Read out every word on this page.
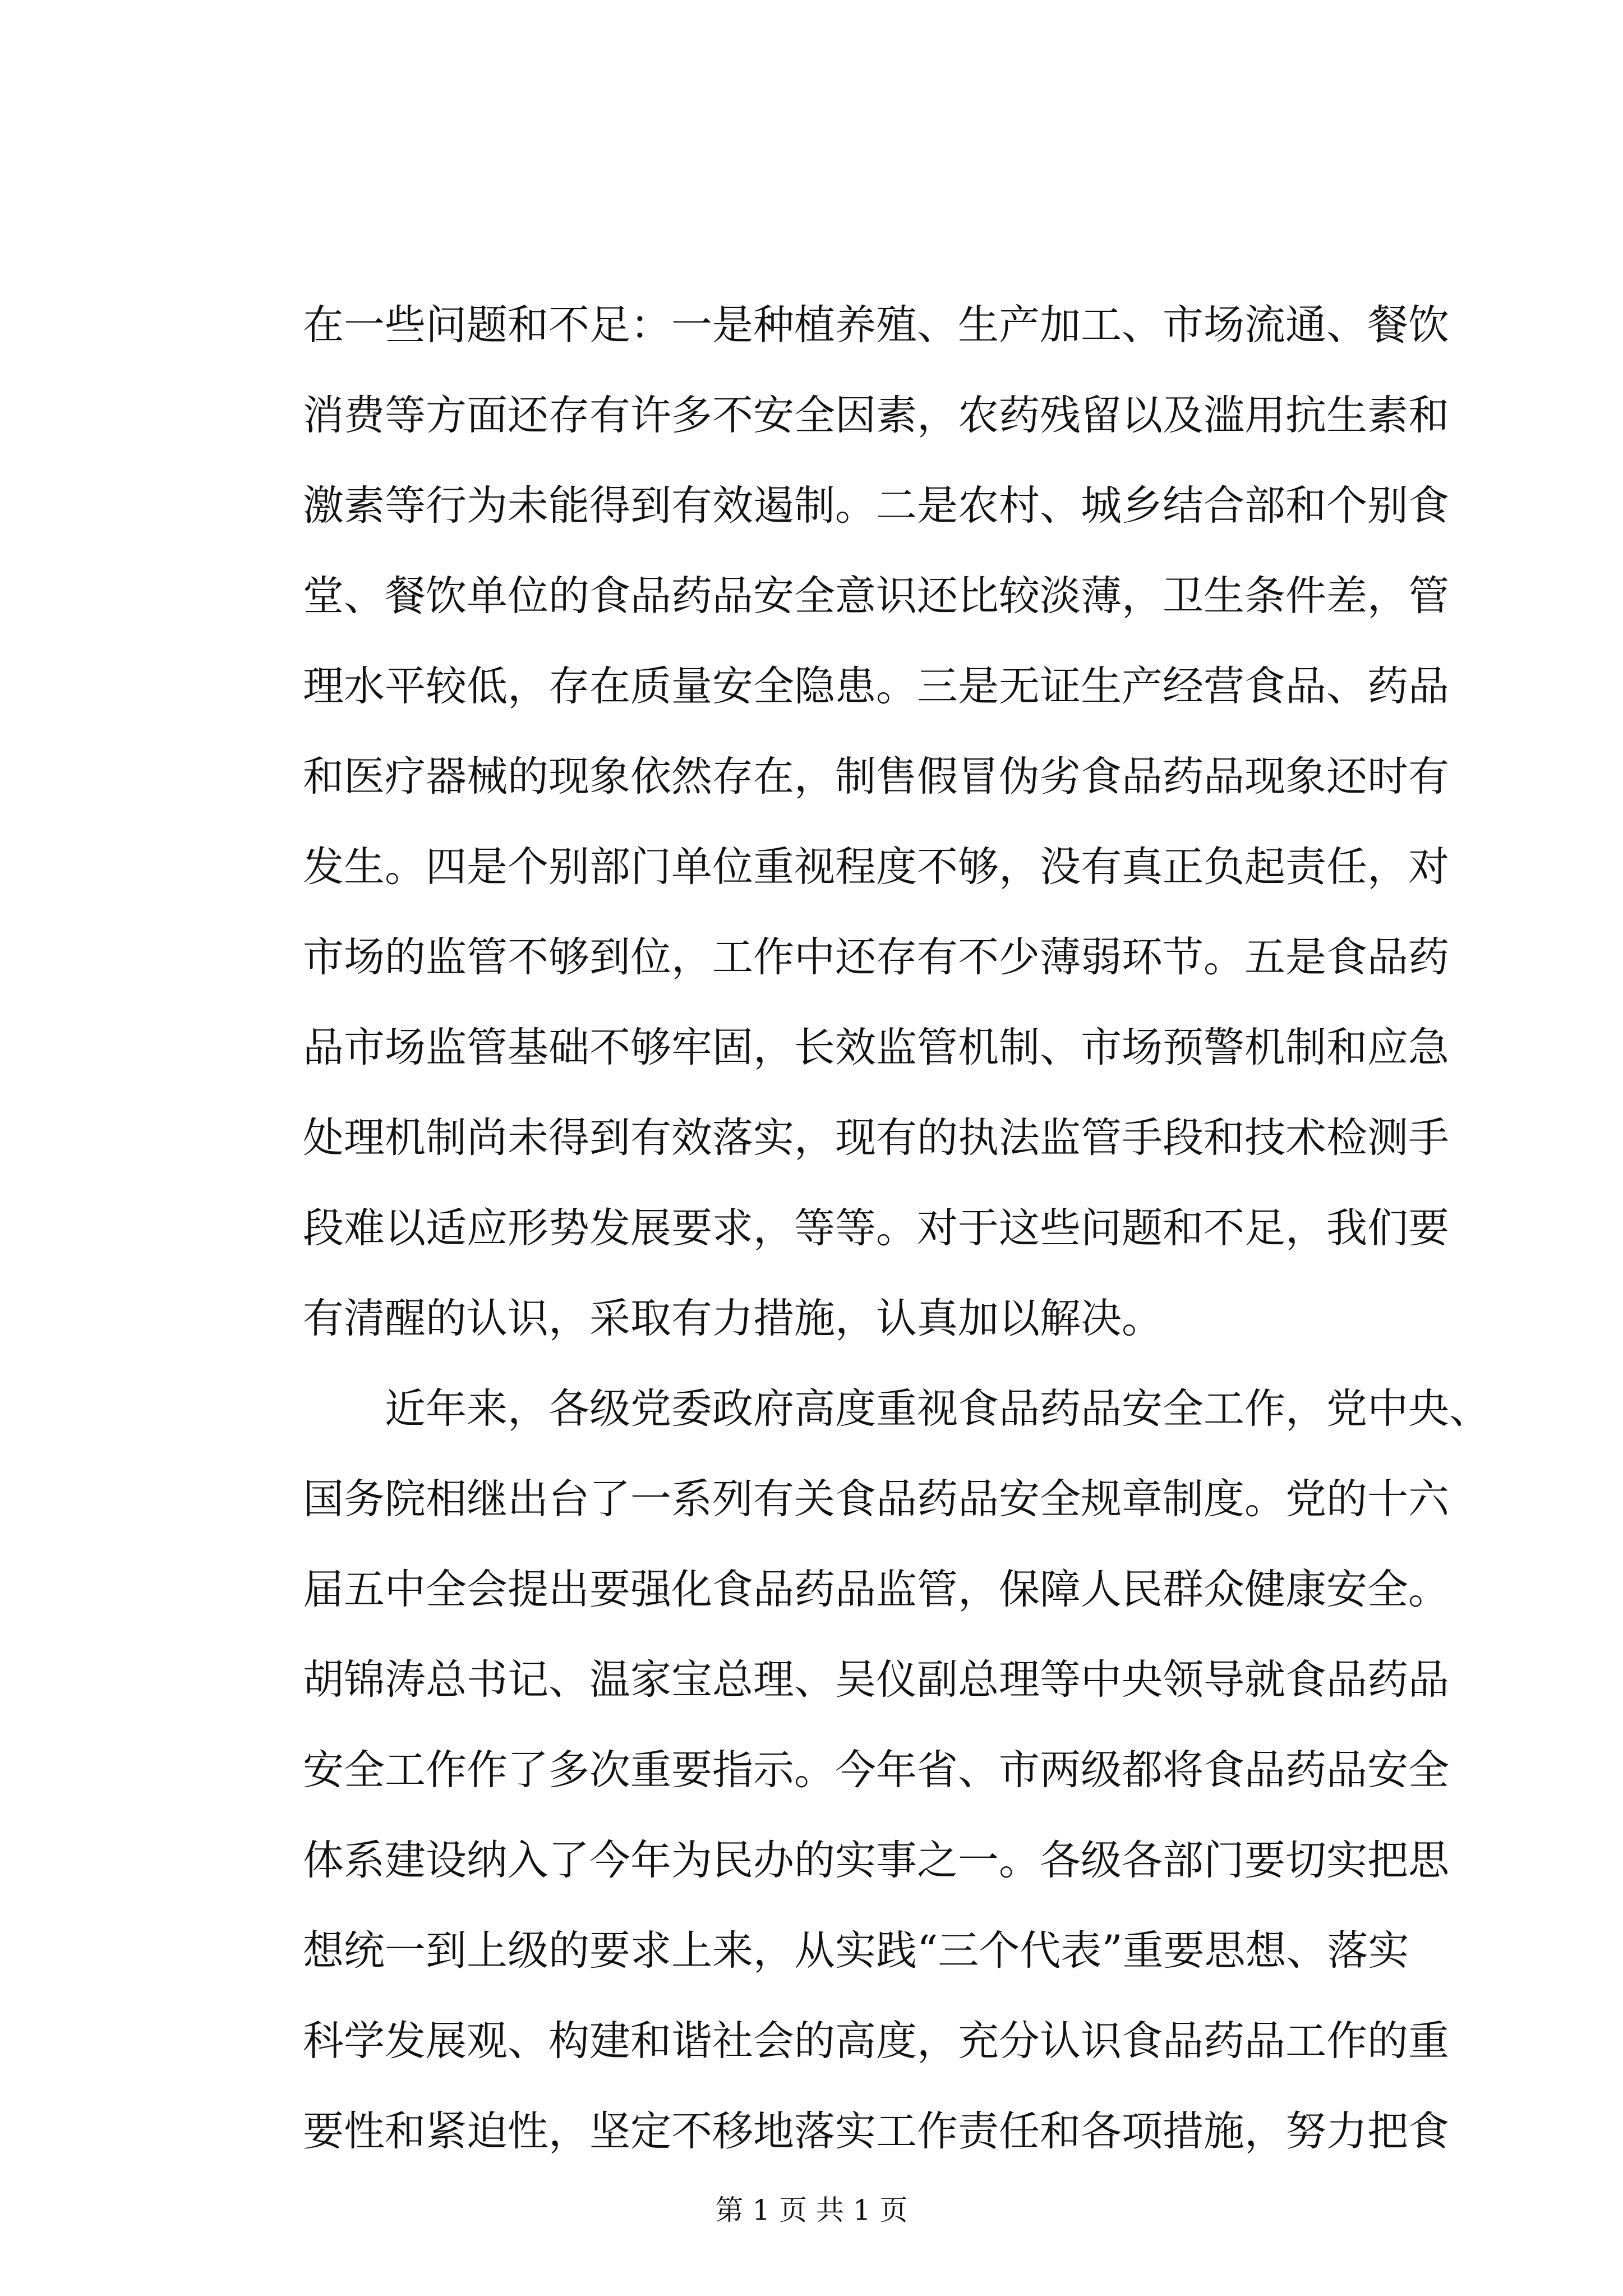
在一些问题和不足：一是种植养殖、生产加工、市场流通、餐饮
消费等方面还存有许多不安全因素，农药残留以及滥用抗生素和
激素等行为未能得到有效遏制。二是农村、城乡结合部和个别食
堂、餐饮单位的食品药品安全意识还比较淡薄，卫生条件差，管
理水平较低，存在质量安全隐患。三是无证生产经营食品、药品
和医疗器械的现象依然存在，制售假冒伪劣食品药品现象还时有
发生。四是个别部门单位重视程度不够，没有真正负起责任，对
市场的监管不够到位，工作中还存有不少薄弱环节。五是食品药
品市场监管基础不够牢固，长效监管机制、市场预警机制和应急
处理机制尚未得到有效落实，现有的执法监管手段和技术检测手
段难以适应形势发展要求，等等。对于这些问题和不足，我们要
有清醒的认识，采取有力措施，认真加以解决。
近年来，各级党委政府高度重视食品药品安全工作，党中央、
国务院相继出台了一系列有关食品药品安全规章制度。党的十六
届五中全会提出要强化食品药品监管，保障人民群众健康安全。
胡锦涛总书记、温家宝总理、吴仪副总理等中央领导就食品药品
安全工作作了多次重要指示。今年省、市两级都将食品药品安全
体系建设纳入了今年为民办的实事之一。各级各部门要切实把思
想统一到上级的要求上来，从实践“三个代表”重要思想、落实
科学发展观、构建和谐社会的高度，充分认识食品药品工作的重
要性和紧迫性，坚定不移地落实工作责任和各项措施，努力把食
第 1 页 共 1 页
